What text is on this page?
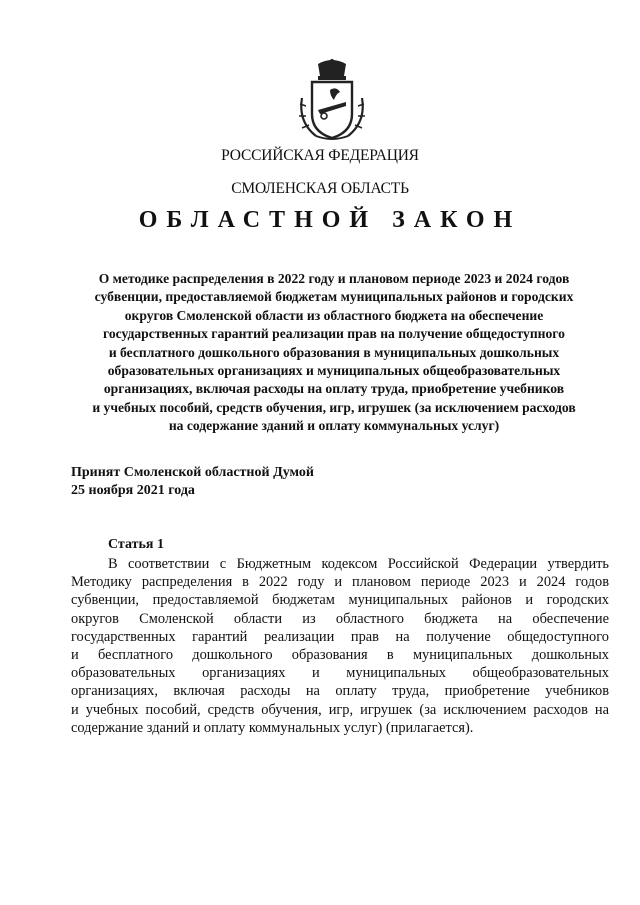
РОССИЙСКАЯ ФЕДЕРАЦИЯ
СМОЛЕНСКАЯ ОБЛАСТЬ
ОБЛАСТНОЙ ЗАКОН
О методике распределения в 2022 году и плановом периоде 2023 и 2024 годов
субвенции, предоставляемой бюджетам муниципальных районов и городских
округов Смоленской области из областного бюджета на обеспечение
государственных гарантий реализации прав на получение общедоступного
и бесплатного дошкольного образования в муниципальных дошкольных
образовательных организациях и муниципальных общеобразовательных
организациях, включая расходы на оплату труда, приобретение учебников
и учебных пособий, средств обучения, игр, игрушек (за исключением расходов
на содержание зданий и оплату коммунальных услуг)
Принят Смоленской областной Думой
25 ноября 2021 года
Статья 1
В соответствии с Бюджетным кодексом Российской Федерации утвердить
Методику распределения в 2022 году и плановом периоде 2023 и 2024 годов
субвенции, предоставляемой бюджетам муниципальных районов и городских
округов Смоленской области из областного бюджета на обеспечение
государственных гарантий реализации прав на получение общедоступного
и бесплатного дошкольного образования в муниципальных дошкольных
образовательных организациях и муниципальных общеобразовательных
организациях, включая расходы на оплату труда, приобретение учебников
и учебных пособий, средств обучения, игр, игрушек (за исключением расходов на
содержание зданий и оплату коммунальных услуг) (прилагается).
